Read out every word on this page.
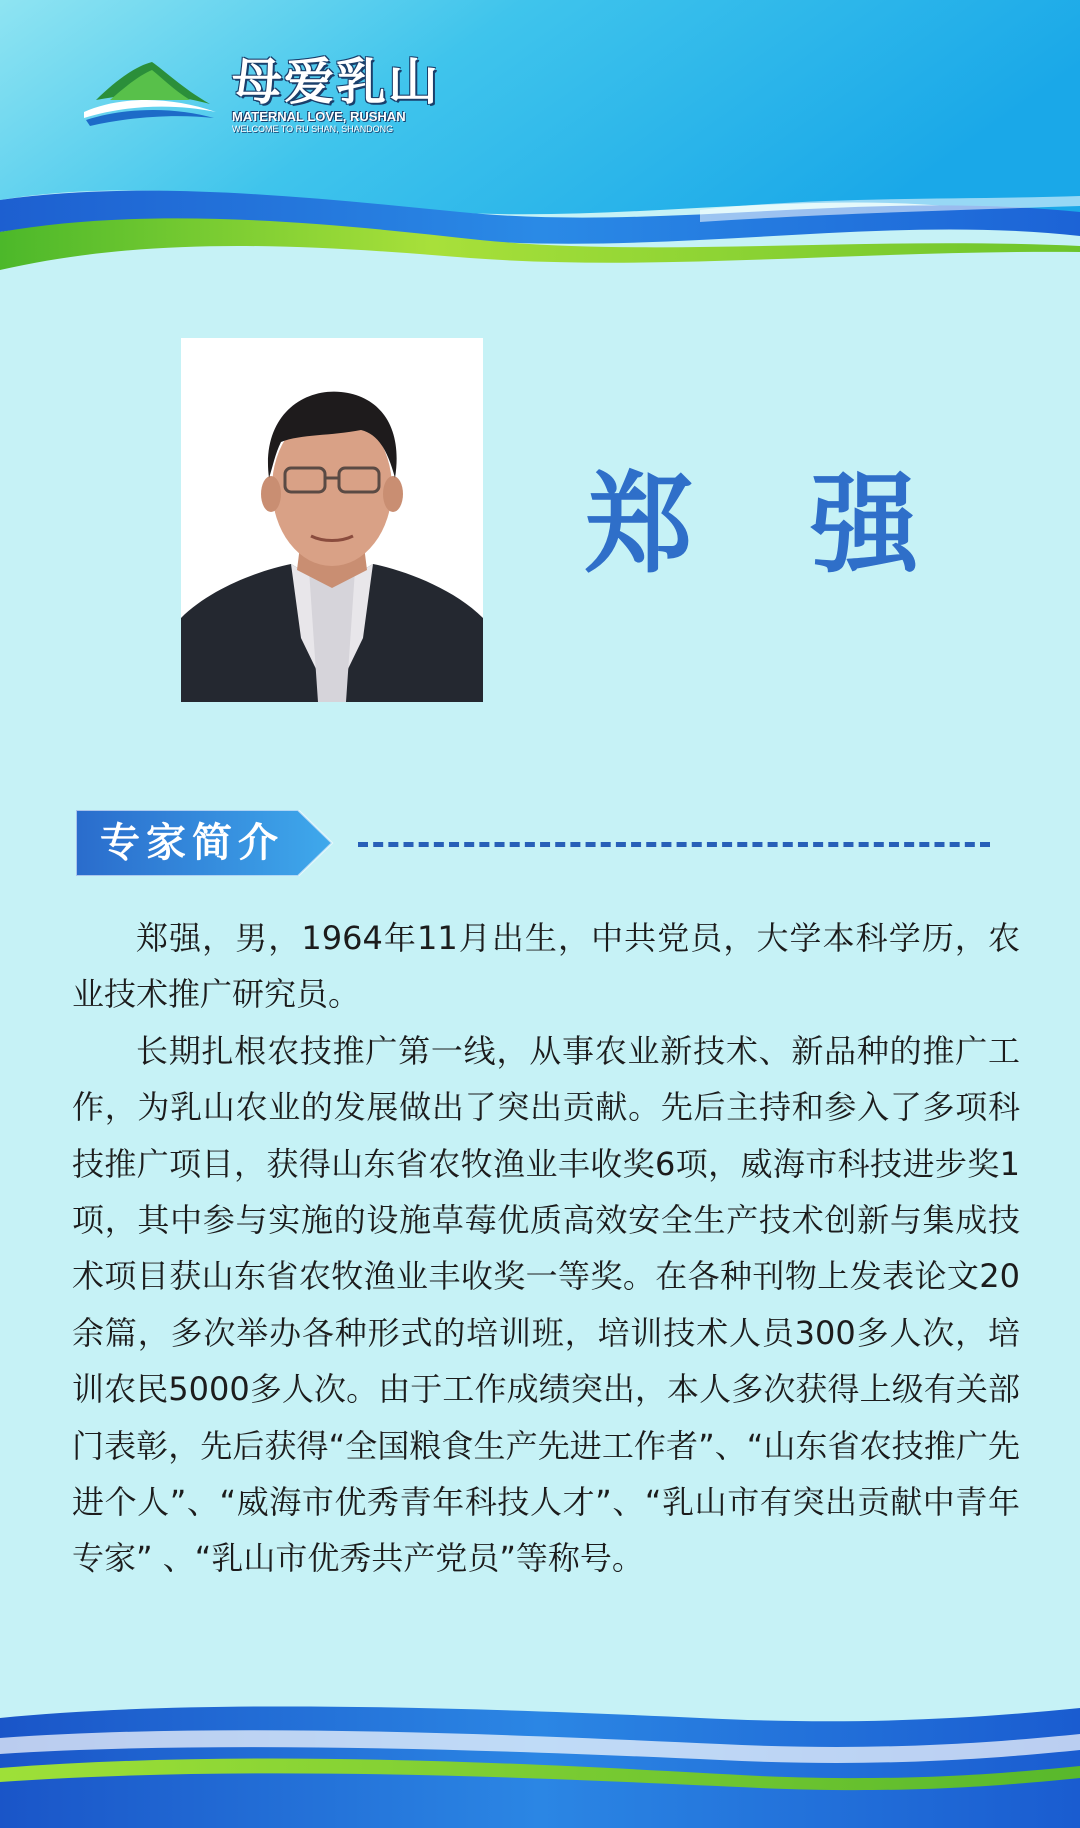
母爱乳山
MATERNAL LOVE, RUSHAN
WELCOME TO RU SHAN, SHANDONG
郑 强
专家简介

郑强，男，1964年11月出生，中共党员，大学本科学历，农业技术推广研究员。

长期扎根农技推广第一线，从事农业新技术、新品种的推广工作，为乳山农业的发展做出了突出贡献。先后主持和参入了多项科技推广项目，获得山东省农牧渔业丰收奖6项，威海市科技进步奖1项，其中参与实施的设施草莓优质高效安全生产技术创新与集成技术项目获山东省农牧渔业丰收奖一等奖。在各种刊物上发表论文20余篇，多次举办各种形式的培训班，培训技术人员300多人次，培训农民5000多人次。由于工作成绩突出，本人多次获得上级有关部门表彰，先后获得“全国粮食生产先进工作者”、“山东省农技推广先进个人”、“威海市优秀青年科技人才”、“乳山市有突出贡献中青年专家” 、“乳山市优秀共产党员”等称号。
